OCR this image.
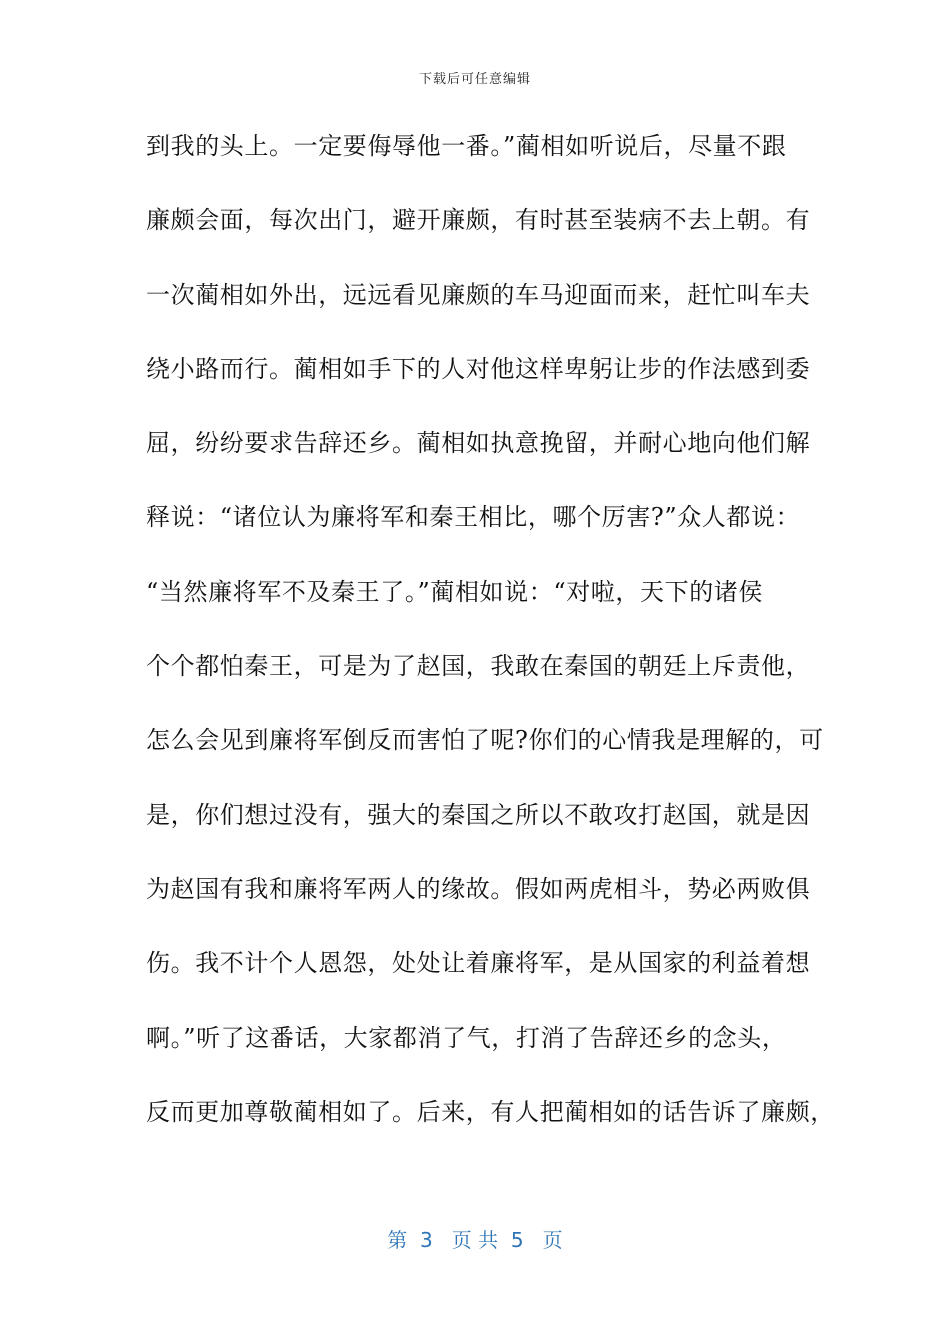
下载后可任意编辑
到我的头上。一定要侮辱他一番。”蔺相如听说后，尽量不跟
廉颇会面，每次出门，避开廉颇，有时甚至装病不去上朝。有
一次蔺相如外出，远远看见廉颇的车马迎面而来，赶忙叫车夫
绕小路而行。蔺相如手下的人对他这样卑躬让步的作法感到委
屈，纷纷要求告辞还乡。蔺相如执意挽留，并耐心地向他们解
释说：“诸位认为廉将军和秦王相比，哪个厉害?”众人都说：
“当然廉将军不及秦王了。”蔺相如说：“对啦，天下的诸侯
个个都怕秦王，可是为了赵国，我敢在秦国的朝廷上斥责他，
怎么会见到廉将军倒反而害怕了呢?你们的心情我是理解的，可
是，你们想过没有，强大的秦国之所以不敢攻打赵国，就是因
为赵国有我和廉将军两人的缘故。假如两虎相斗，势必两败俱
伤。我不计个人恩怨，处处让着廉将军，是从国家的利益着想
啊。”听了这番话，大家都消了气，打消了告辞还乡的念头，
反而更加尊敬蔺相如了。后来，有人把蔺相如的话告诉了廉颇，
第  3   页 共  5   页
